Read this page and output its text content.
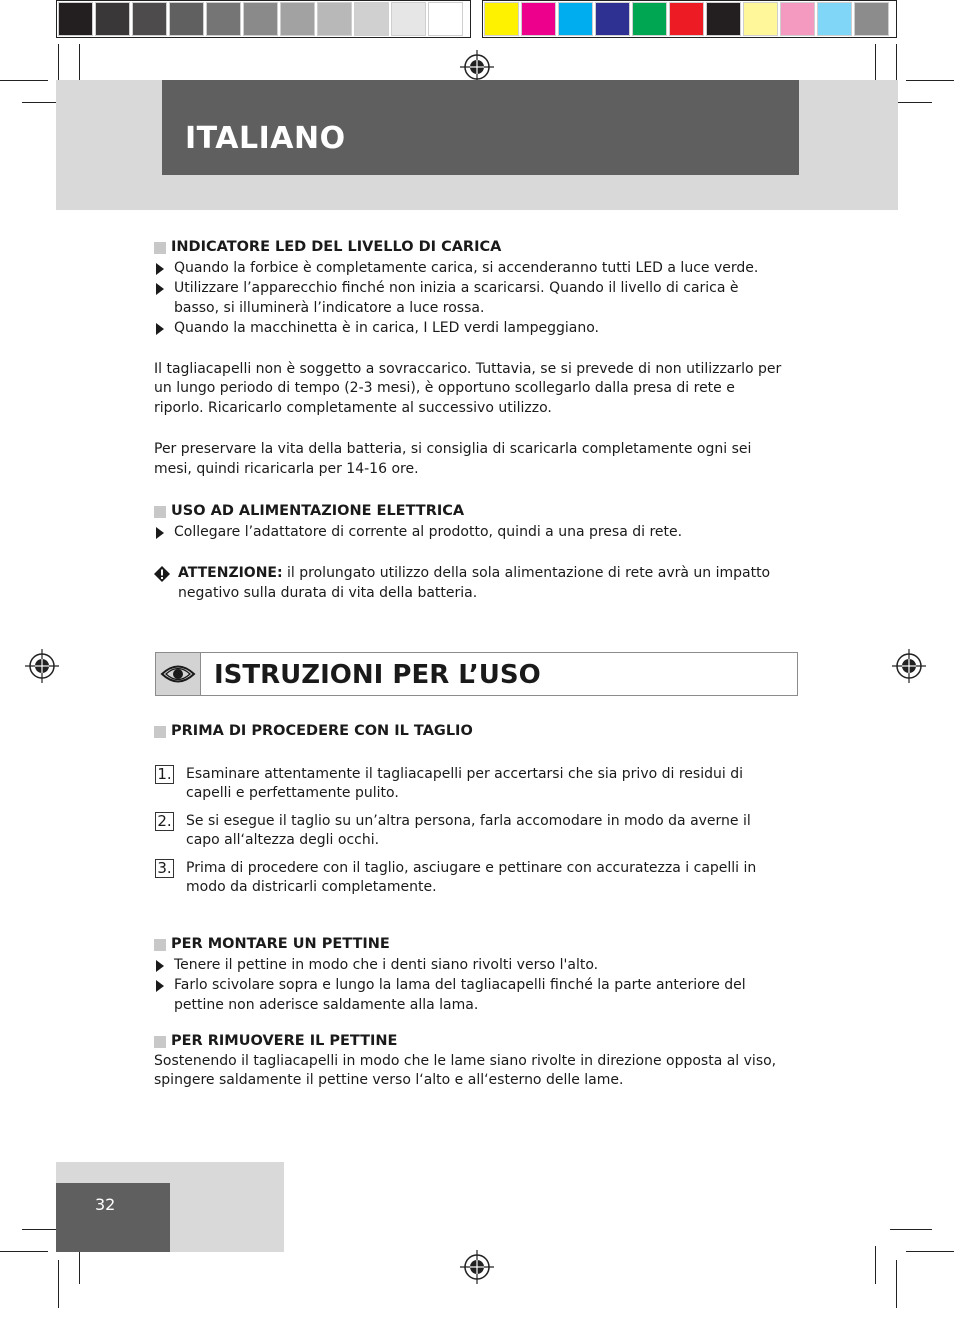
ITALIANO
INDICATORE LED DEL LIVELLO DI CARICA
Quando la forbice è completamente carica, si accenderanno tutti LED a luce verde.
Utilizzare l’apparecchio finché non inizia a scaricarsi. Quando il livello di carica è basso, si illuminerà l’indicatore a luce rossa.
Quando la macchinetta è in carica, I LED verdi lampeggiano.

Il tagliacapelli non è soggetto a sovraccarico. Tuttavia, se si prevede di non utilizzarlo per un lungo periodo di tempo (2-3 mesi), è opportuno scollegarlo dalla presa di rete e riporlo. Ricaricarlo completamente al successivo utilizzo.

Per preservare la vita della batteria, si consiglia di scaricarla completamente ogni sei mesi, quindi ricaricarla per 14-16 ore.

USO AD ALIMENTAZIONE ELETTRICA
Collegare l’adattatore di corrente al prodotto, quindi a una presa di rete.
ATTENZIONE: il prolungato utilizzo della sola alimentazione di rete avrà un impatto negativo sulla durata di vita della batteria.
ISTRUZIONI PER L’USO
PRIMA DI PROCEDERE CON IL TAGLIO
1. Esaminare attentamente il tagliacapelli per accertarsi che sia privo di residui di capelli e perfettamente pulito.
2. Se si esegue il taglio su un’altra persona, farla accomodare in modo da averne il capo all‘altezza degli occhi.
3. Prima di procedere con il taglio, asciugare e pettinare con accuratezza i capelli in modo da districarli completamente.
PER MONTARE UN PETTINE
Tenere il pettine in modo che i denti siano rivolti verso l'alto.
Farlo scivolare sopra e lungo la lama del tagliacapelli finché la parte anteriore del pettine non aderisce saldamente alla lama.
PER RIMUOVERE IL PETTINE

Sostenendo il tagliacapelli in modo che le lame siano rivolte in direzione opposta al viso, spingere saldamente il pettine verso l‘alto e all‘esterno delle lame.

32
